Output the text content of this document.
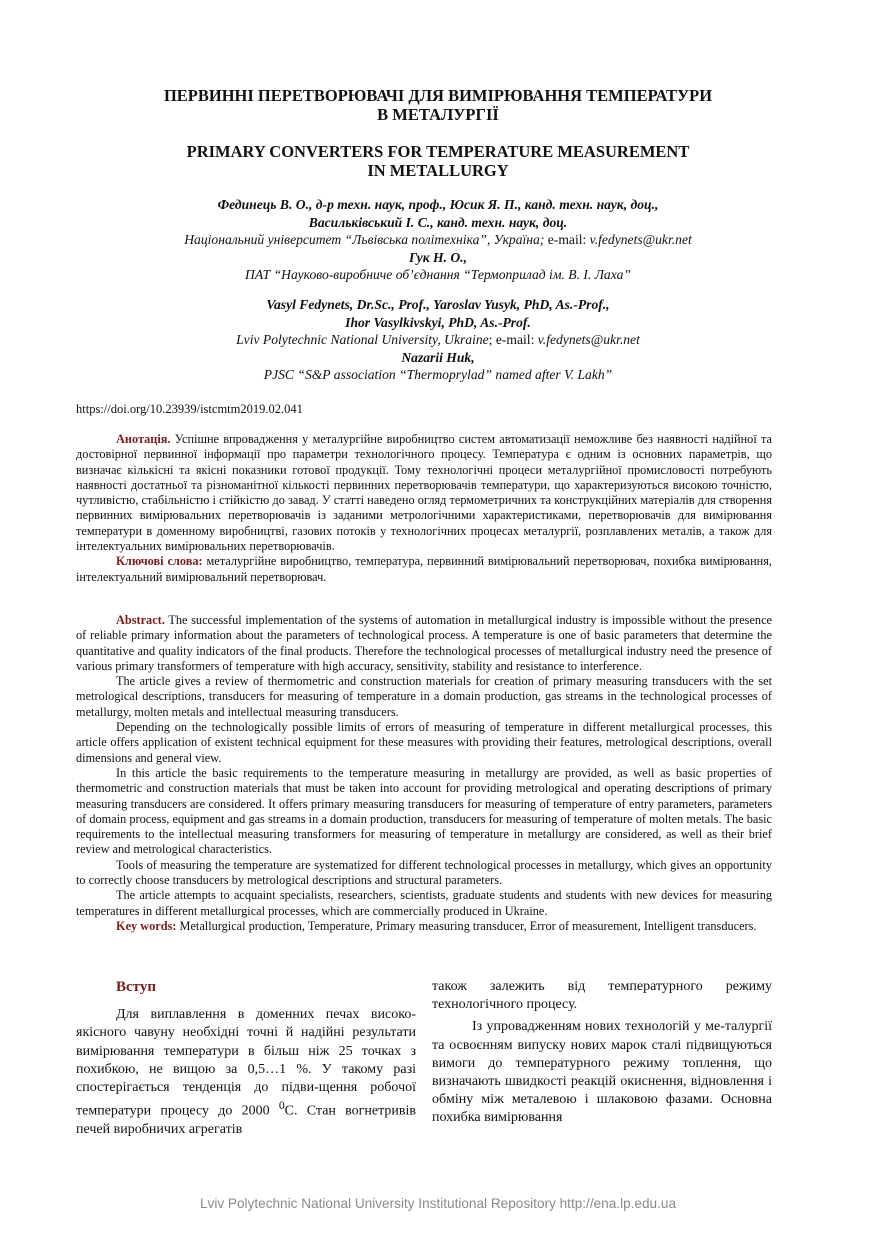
ПЕРВИННІ ПЕРЕТВОРЮВАЧІ ДЛЯ ВИМІРЮВАННЯ ТЕМПЕРАТУРИ
В МЕТАЛУРГІЇ
PRIMARY CONVERTERS FOR TEMPERATURE MEASUREMENT
IN METALLURGY
Фединець В. О., д-р техн. наук, проф., Юсик Я. П., канд. техн. наук, доц.,
Васильківський І. С., канд. техн. наук, доц.
Національний університет “Львівська політехніка”, Україна; e-mail: v.fedynets@ukr.net
Гук Н. О.,
ПАТ “Науково-виробниче об’єднання “Термоприлад ім. В. І. Лаха”
Vasyl Fedynets, Dr.Sc., Prof., Yaroslav Yusyk, PhD, As.-Prof.,
Ihor Vasylkivskyi, PhD, As.-Prof.
Lviv Polytechnic National University, Ukraine; e-mail: v.fedynets@ukr.net
Nazarii Huk,
PJSC “S&P association “Thermoprylad” named after V. Lakh”
https://doi.org/10.23939/istcmtm2019.02.041

Анотація. Успішне впровадження у металургійне виробництво систем автоматизації неможливе без наявності надійної та достовірної первинної інформації про параметри технологічного процесу. Температура є одним із основних параметрів, що визначає кількісні та якісні показники готової продукції. Тому технологічні процеси металургійної промисловості потребують наявності достатньої та різноманітної кількості первинних перетворювачів температури, що характеризуються високою точністю, чутливістю, стабільністю і стійкістю до завад. У статті наведено огляд термометричних та конструкційних матеріалів для створення первинних вимірювальних перетворювачів із заданими метрологічними характеристиками, перетворювачів для вимірювання температури в доменному виробництві, газових потоків у технологічних процесах металургії, розплавлених металів, а також для інтелектуальних вимірювальних перетворювачів.

Ключові слова: металургійне виробництво, температура, первинний вимірювальний перетворювач, похибка вимірювання, інтелектуальний вимірювальний перетворювач.

Abstract. The successful implementation of the systems of automation in metallurgical industry is impossible without the presence of reliable primary information about the parameters of technological process. A temperature is one of basic parameters that determine the quantitative and quality indicators of the final products. Therefore the technological processes of metallurgical industry need the presence of various primary transformers of temperature with high accuracy, sensitivity, stability and resistance to interference.

The article gives a review of thermometric and construction materials for creation of primary measuring transducers with the set metrological descriptions, transducers for measuring of temperature in a domain production, gas streams in the technological processes of metallurgy, molten metals and intellectual measuring transducers.

Depending on the technologically possible limits of errors of measuring of temperature in different metallurgical processes, this article offers application of existent technical equipment for these measures with providing their features, metrological descriptions, overall dimensions and general view.

In this article the basic requirements to the temperature measuring in metallurgy are provided, as well as basic properties of thermometric and construction materials that must be taken into account for providing metrological and operating descriptions of primary measuring transducers are considered. It offers primary measuring transducers for measuring of temperature of entry parameters, parameters of domain process, equipment and gas streams in a domain production, transducers for measuring of temperature of molten metals. The basic requirements to the intellectual measuring transformers for measuring of temperature in metallurgy are considered, as well as their brief review and metrological characteristics.

Tools of measuring the temperature are systematized for different technological processes in metallurgy, which gives an opportunity to correctly choose transducers by metrological descriptions and structural parameters.

The article attempts to acquaint specialists, researchers, scientists, graduate students and students with new devices for measuring temperatures in different metallurgical processes, which are commercially produced in Ukraine.

Key words: Metallurgical production, Temperature, Primary measuring transducer, Error of measurement, Intelligent transducers.

Вступ

Для виплавлення в доменних печах високо-якісного чавуну необхідні точні й надійні результати вимірювання температури в більш ніж 25 точках з похибкою, не вищою за 0,5…1 %. У такому разі спостерігається тенденція до підви-щення робочої температури процесу до 2000 $^0$С. Стан вогнетривів печей виробничих агрегатів

також залежить від температурного режиму технологічного процесу.

Із упровадженням нових технологій у ме-талургії та освоєнням випуску нових марок сталі підвищуються вимоги до температурного режиму топлення, що визначають швидкості реакцій окиснення, відновлення і обміну між металевою і шлаковою фазами. Основна похибка вимірювання

Lviv Polytechnic National University Institutional Repository http://ena.lp.edu.ua
